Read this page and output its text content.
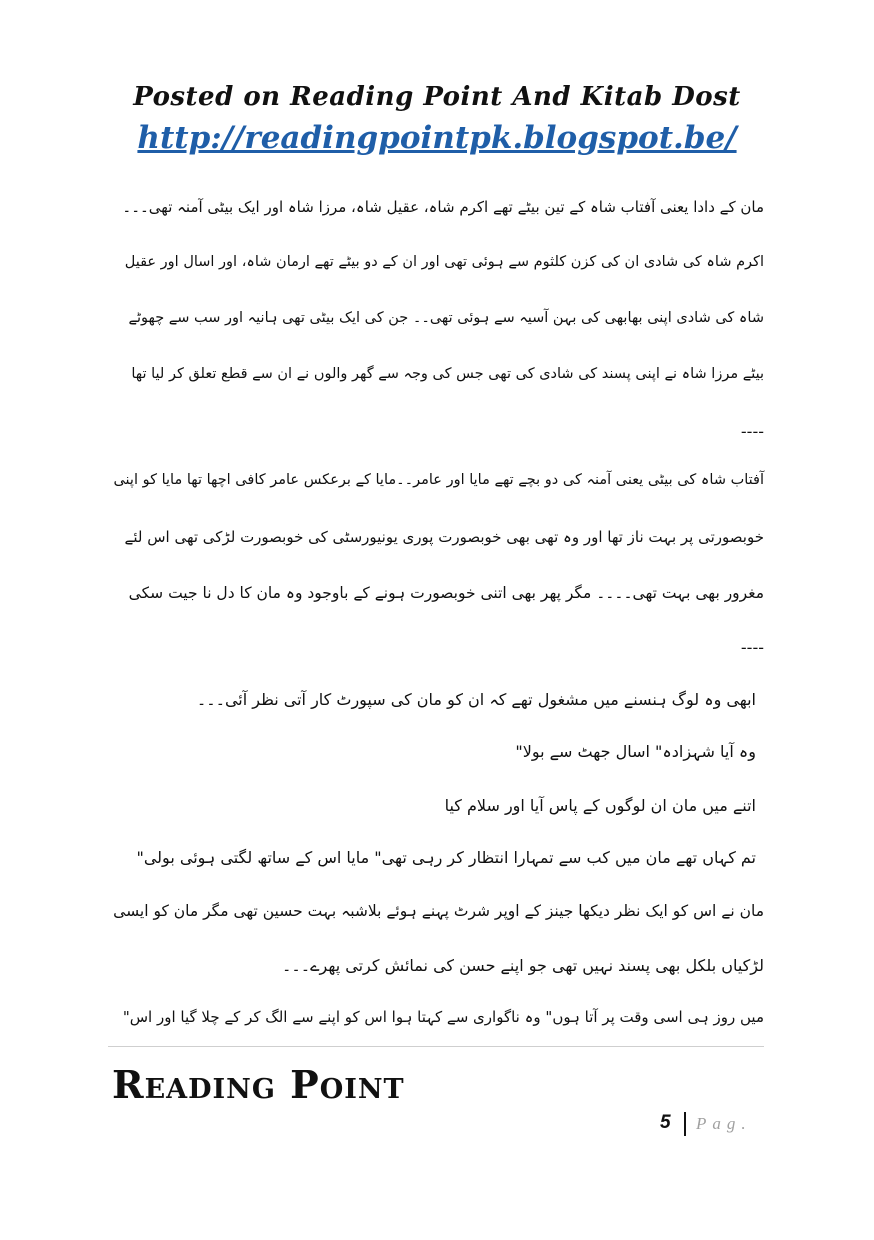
Posted on Reading Point And Kitab Dost
http://readingpointpk.blogspot.be/
مان کے دادا یعنی آفتاب شاہ کے تین بیٹے تھے اکرم شاہ، عقیل شاہ، مرزا شاہ اور ایک بیٹی آمنہ تھی۔۔۔
اکرم شاہ کی شادی ان کی کزن کلثوم سے ہوئی تھی اور ان کے دو بیٹے تھے ارمان شاہ، اور اسال اور عقیل
شاہ کی شادی اپنی بھابھی کی بہن آسیہ سے ہوئی تھی۔۔ جن کی ایک بیٹی تھی ہانیہ اور سب سے چھوٹے
بیٹے مرزا شاہ نے اپنی پسند کی شادی کی تھی جس کی وجہ سے گھر والوں نے ان سے قطع تعلق کر لیا تھا
----
آفتاب شاہ کی بیٹی یعنی آمنہ کی دو بچے تھے مایا اور عامر۔۔مایا کے برعکس عامر کافی اچھا تھا مایا کو اپنی
خوبصورتی پر بہت ناز تھا اور وہ تھی بھی خوبصورت پوری یونیورسٹی کی خوبصورت لڑکی تھی اس لئے
مغرور بھی بہت تھی۔۔۔۔ مگر پھر بھی اتنی خوبصورت ہونے کے باوجود وہ مان کا دل نا جیت سکی
----
ابھی وہ لوگ ہنسنے میں مشغول تھے کہ ان کو مان کی سپورٹ کار آتی نظر آئی۔۔۔
وہ آیا شہزادہ" اسال جھٹ سے بولا"
اتنے میں مان ان لوگوں کے پاس آیا اور سلام کیا
تم کہاں تھے مان میں کب سے تمہارا انتظار کر رہی تھی" مایا اس کے ساتھ لگتی ہوئی بولی"
مان نے اس کو ایک نظر دیکھا جینز کے اوپر شرٹ پہنے ہوئے بلاشبہ بہت حسین تھی مگر مان کو ایسی
لڑکیاں بلکل بھی پسند نہیں تھی جو اپنے حسن کی نمائش کرتی پھرے۔۔۔
میں روز ہی اسی وقت پر آتا ہوں" وہ ناگواری سے کہتا ہوا اس کو اپنے سے الگ کر کے چلا گیا اور اس"
Reading Point
5 Pag.
